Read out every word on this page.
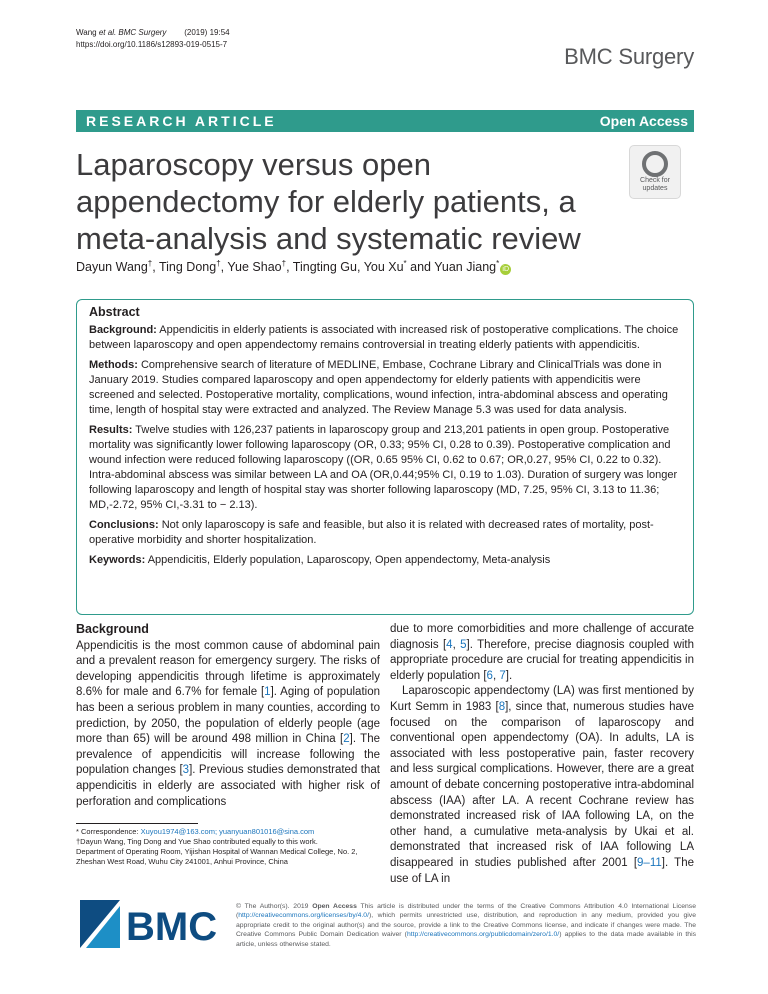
Wang et al. BMC Surgery (2019) 19:54
https://doi.org/10.1186/s12893-019-0515-7	BMC Surgery
RESEARCH ARTICLE	Open Access
Laparoscopy versus open appendectomy for elderly patients, a meta-analysis and systematic review
Check for
updates
Dayun Wang†, Ting Dong†, Yue Shao†, Tingting Gu, You Xu* and Yuan Jiang*iD
Abstract

Background: Appendicitis in elderly patients is associated with increased risk of postoperative complications. The choice between laparoscopy and open appendectomy remains controversial in treating elderly patients with appendicitis.

Methods: Comprehensive search of literature of MEDLINE, Embase, Cochrane Library and ClinicalTrials was done in January 2019. Studies compared laparoscopy and open appendectomy for elderly patients with appendicitis were screened and selected. Postoperative mortality, complications, wound infection, intra-abdominal abscess and operating time, length of hospital stay were extracted and analyzed. The Review Manage 5.3 was used for data analysis.

Results: Twelve studies with 126,237 patients in laparoscopy group and 213,201 patients in open group. Postoperative mortality was significantly lower following laparoscopy (OR, 0.33; 95% CI, 0.28 to 0.39). Postoperative complication and wound infection were reduced following laparoscopy ((OR, 0.65 95% CI, 0.62 to 0.67; OR,0.27, 95% CI, 0.22 to 0.32). Intra-abdominal abscess was similar between LA and OA (OR,0.44;95% CI, 0.19 to 1.03). Duration of surgery was longer following laparoscopy and length of hospital stay was shorter following laparoscopy (MD, 7.25, 95% CI, 3.13 to 11.36; MD,-2.72, 95% CI,-3.31 to − 2.13).

Conclusions: Not only laparoscopy is safe and feasible, but also it is related with decreased rates of mortality, post-operative morbidity and shorter hospitalization.

Keywords: Appendicitis, Elderly population, Laparoscopy, Open appendectomy, Meta-analysis

Background

Appendicitis is the most common cause of abdominal pain and a prevalent reason for emergency surgery. The risks of developing appendicitis through lifetime is approximately 8.6% for male and 6.7% for female [1]. Aging of population has been a serious problem in many counties, according to prediction, by 2050, the population of elderly people (age more than 65) will be around 498 million in China [2]. The prevalence of appendicitis will increase following the population changes [3]. Previous studies demonstrated that appendicitis in elderly are associated with higher risk of perforation and complications

due to more comorbidities and more challenge of accurate diagnosis [4, 5]. Therefore, precise diagnosis coupled with appropriate procedure are crucial for treating appendicitis in elderly population [6, 7].

Laparoscopic appendectomy (LA) was first mentioned by Kurt Semm in 1983 [8], since that, numerous studies have focused on the comparison of laparoscopy and conventional open appendectomy (OA). In adults, LA is associated with less postoperative pain, faster recovery and less surgical complications. However, there are a great amount of debate concerning postoperative intra-abdominal abscess (IAA) after LA. A recent Cochrane review has demonstrated increased risk of IAA following LA, on the other hand, a cumulative meta-analysis by Ukai et al. demonstrated that increased risk of IAA following LA disappeared in studies published after 2001 [9–11]. The use of LA in

* Correspondence: Xuyou1974@163.com; yuanyuan801016@sina.com
†Dayun Wang, Ting Dong and Yue Shao contributed equally to this work.
Department of Operating Room, Yijishan Hospital of Wannan Medical College, No. 2, Zheshan West Road, Wuhu City 241001, Anhui Province, China
BMC	© The Author(s). 2019 Open Access This article is distributed under the terms of the Creative Commons Attribution 4.0 International License (http://creativecommons.org/licenses/by/4.0/), which permits unrestricted use, distribution, and reproduction in any medium, provided you give appropriate credit to the original author(s) and the source, provide a link to the Creative Commons license, and indicate if changes were made. The Creative Commons Public Domain Dedication waiver (http://creativecommons.org/publicdomain/zero/1.0/) applies to the data made available in this article, unless otherwise stated.
